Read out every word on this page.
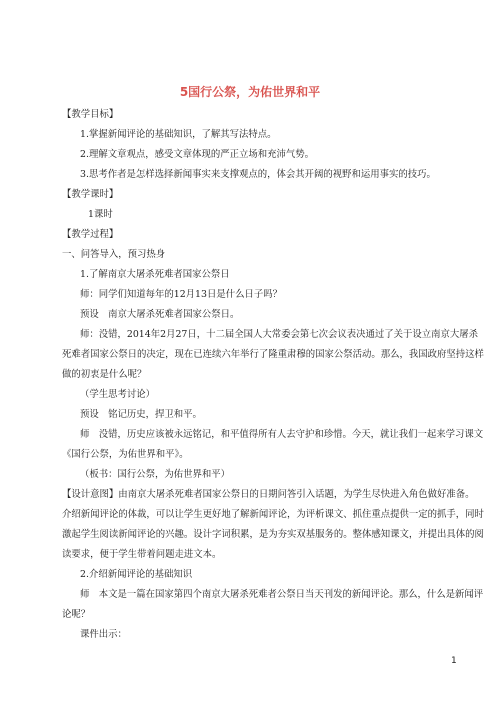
5国行公祭，为佑世界和平
【教学目标】
1.掌握新闻评论的基础知识，了解其写法特点。
2.理解文章观点，感受文章体现的严正立场和充沛气势。
3.思考作者是怎样选择新闻事实来支撑观点的，体会其开阔的视野和运用事实的技巧。
【教学课时】
1课时
【教学过程】
一、问答导入，预习热身
1.了解南京大屠杀死难者国家公祭日
师：同学们知道每年的12月13日是什么日子吗？
预设　南京大屠杀死难者国家公祭日。
师：没错，2014年2月27日，十二届全国人大常委会第七次会议表决通过了关于设立南京大屠杀
死难者国家公祭日的决定，现在已连续六年举行了隆重肃穆的国家公祭活动。那么，我国政府坚持这样
做的初衷是什么呢？
（学生思考讨论）
预设　铭记历史，捍卫和平。
师　没错，历史应该被永远铭记，和平值得所有人去守护和珍惜。今天，就让我们一起来学习课文
《国行公祭，为佑世界和平》。
（板书：国行公祭，为佑世界和平）
【设计意图】由南京大屠杀死难者国家公祭日的日期问答引入话题，为学生尽快进入角色做好准备。
介绍新闻评论的体裁，可以让学生更好地了解新闻评论，为评析课文、抓住重点提供一定的抓手，同时
激起学生阅读新闻评论的兴趣。设计字词积累，是为夯实双基服务的。整体感知课文，并提出具体的阅
读要求，便于学生带着问题走进文本。
2.介绍新闻评论的基础知识
师　本文是一篇在国家第四个南京大屠杀死难者公祭日当天刊发的新闻评论。那么，什么是新闻评
论呢？
课件出示：
1
